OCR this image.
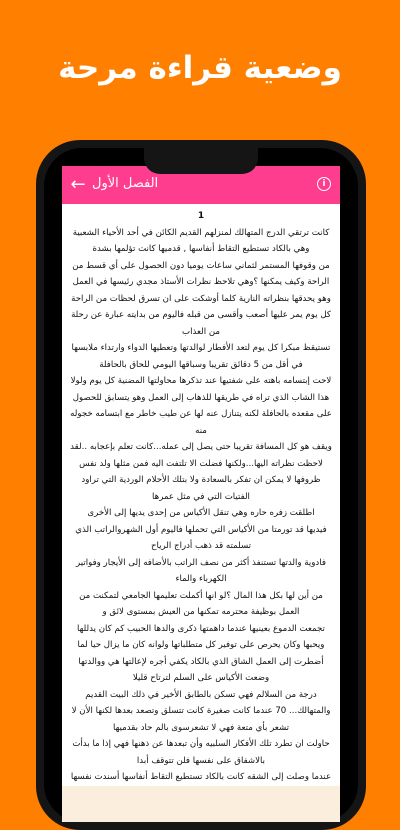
وضعية قراءة مرحة
← الفصل الأول	i
1

كانت ترتقي الدرج المتهالك لمنزلهم القديم الكائن في أحد الأحياء الشعبية وهي بالكاد تستطيع التقاط أنفاسها , قدميها كانت تؤلمها بشدة

من وقوفها المستمر لثماني ساعات يوميا دون الحصول على أي قسط من الراحة وكيف يمكنها ؟وهي تلاحظ نظرات الأستاذ مجدي رئيسها في العمل وهو يحدقها بنظراته النارية كلما أوشكت على ان تسرق لحظات من الراحة

كل يوم يمر عليها أصعب وأقسى من قبله فاليوم من بدايته عبارة عن رحلة من العذاب

تستيقظ مبكرا كل يوم لتعد الأفطار لوالدتها وتعطيها الدواء وارتداء ملابسها في أقل من 5 دقائق تقريبا وسباقها اليومي للحاق بالحافلة

لاحت إبتسامه باهته على شفتيها عند تذكرها محاولتها المضنية كل يوم ولولا هذا الشاب الذي تراه في طريقها للذهاب إلى العمل وهو يتسابق للحصول على مقعده بالحافلة لكنه يتنازل عنه لها عن طيب خاطر مع ابتسامه خجوله منه

ويقف هو كل المسافة تقريبا حتى يصل إلى عمله...كانت تعلم بإعجابه ..لقد لاحظت نظراته اليها...ولكنها فضلت الا تلتفت اليه فمن مثلها ولد نفس ظروفها لا يمكن ان تفكر بالسعادة ولا بتلك الأحلام الوردية التي تراود الفتيات التي في مثل عمرها

اطلقت زفره حاره وهي تنقل الأكياس من إحدى يديها إلى الأخرى

فيديها قد تورمتا من الأكياس التي تحملها فاليوم أول الشهروالراتب الذي تسلمته قد ذهب أدراج الرياح

فادوية والدتها تستنفذ أكثر من نصف الراتب بالأضافه إلى الأيجار وفواتير الكهرباء والماء

من أين لها بكل هذا المال ؟لو انها أكملت تعليمها الجامعي لتمكنت من العمل بوظيفة محترمه تمكنها من العيش بمستوى لائق و

تجمعت الدموع بعينيها عندما داهمتها ذكرى والدها الحبيب كم كان يدللها ويحبها وكان يحرص على توفير كل متطلباتها ولوانه كان ما يزال حيا لما أضطرت إلى العمل الشاق الذي بالكاد يكفي أجره لإعالتها هي ووالدتها

وضعت الأكياس على السلم لترتاح قليلا

درجة من السلالم فهي تسكن بالطابق الأخير في ذلك البيت القديم والمتهالك... 70 عندما كانت صغيرة كانت تتسلق وتصعد بعدها لكنها الأن لا تشعر بأي متعة فهي لا تشعرسوى بالم حاد بقدميها

حاولت ان تطرد تلك الأفكار السلبيه وأن تبعدها عن ذهنها فهي إذا ما بدأت بالاشفاق على نفسها فلن تتوقف أبدا

عندما وصلت إلى الشقه كانت بالكاد تستطيع التقاط أنفاسها أسندت نفسها
